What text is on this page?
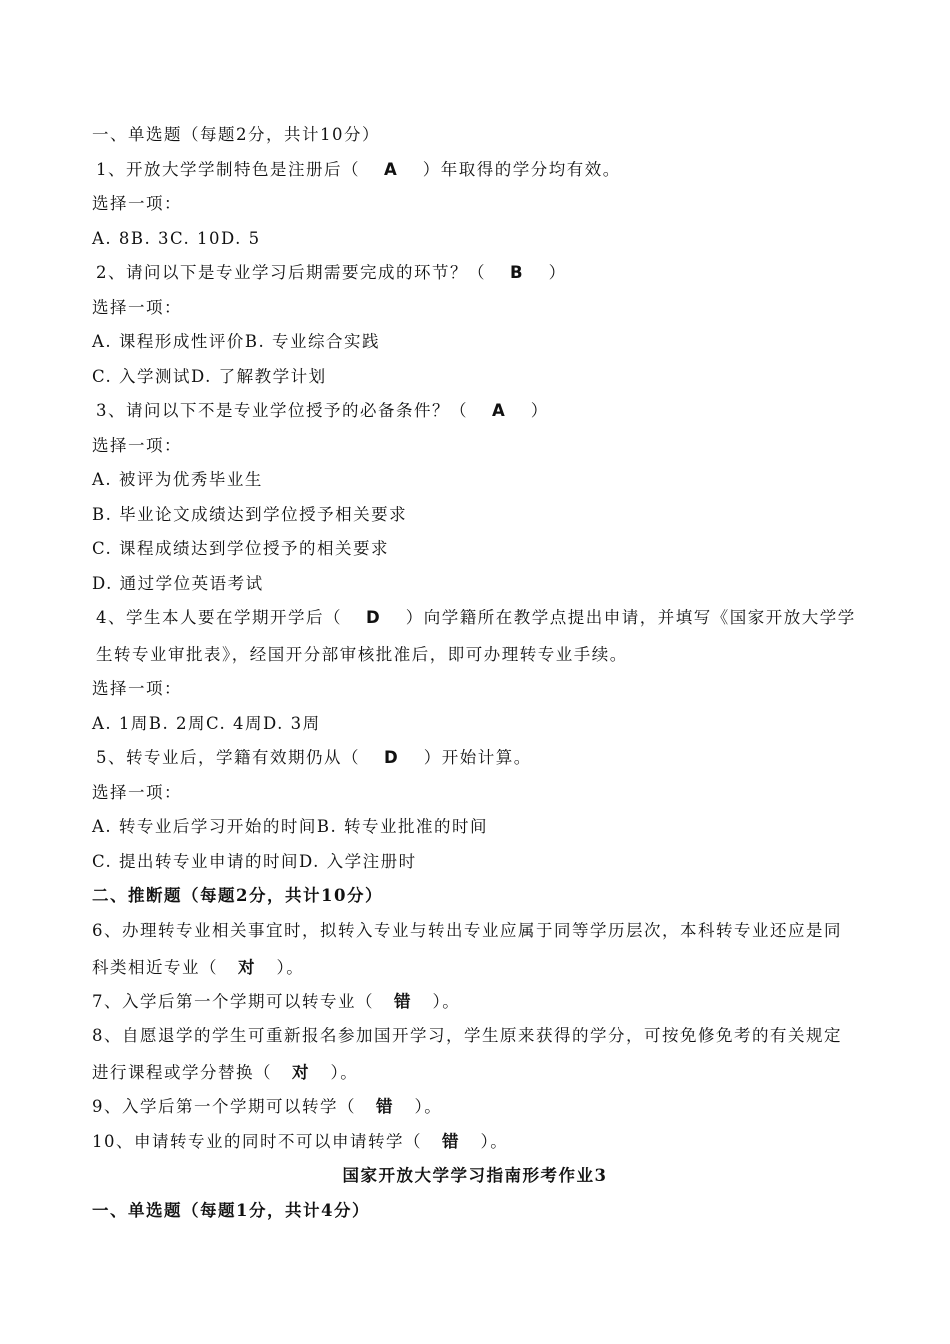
一、单选题（每题2分，共计10分）
1、开放大学学制特色是注册后（ A ）年取得的学分均有效。
选择一项：
A. 8B. 3C. 10D. 5
2、请问以下是专业学习后期需要完成的环节？（ B ）
选择一项：
A. 课程形成性评价B. 专业综合实践
C. 入学测试D. 了解教学计划
3、请问以下不是专业学位授予的必备条件？（ A ）
选择一项：
A. 被评为优秀毕业生
B. 毕业论文成绩达到学位授予相关要求
C. 课程成绩达到学位授予的相关要求
D. 通过学位英语考试
4、学生本人要在学期开学后（ D ）向学籍所在教学点提出申请，并填写《国家开放大学学生转专业审批表》，经国开分部审核批准后，即可办理转专业手续。
选择一项：
A. 1周B. 2周C. 4周D. 3周
5、转专业后，学籍有效期仍从（ D ）开始计算。
选择一项：
A. 转专业后学习开始的时间B. 转专业批准的时间
C. 提出转专业申请的时间D. 入学注册时
二、推断题（每题2分，共计10分）
6、办理转专业相关事宜时，拟转入专业与转出专业应属于同等学历层次，本科转专业还应是同科类相近专业（ 对 ）。
7、入学后第一个学期可以转专业（ 错 ）。
8、自愿退学的学生可重新报名参加国开学习，学生原来获得的学分，可按免修免考的有关规定进行课程或学分替换（ 对 ）。
9、入学后第一个学期可以转学（ 错 ）。
10、申请转专业的同时不可以申请转学（ 错 ）。
国家开放大学学习指南形考作业3
一、单选题（每题1分，共计4分）
